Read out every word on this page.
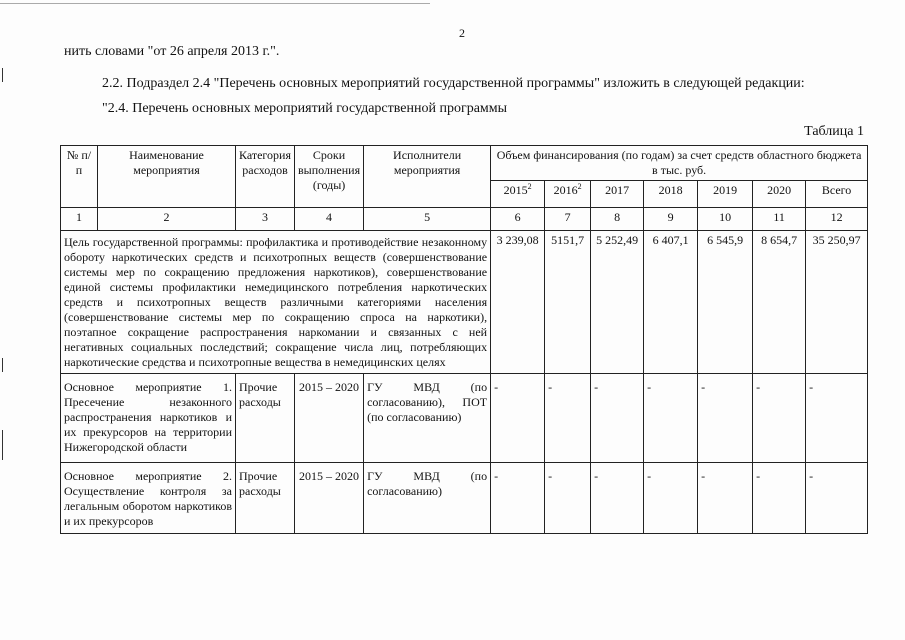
2
нить словами "от 26 апреля 2013 г.".
2.2. Подраздел 2.4 "Перечень основных мероприятий государственной программы" изложить в следующей редакции:
"2.4. Перечень основных мероприятий государственной программы
Таблица 1
№ п/п	Наименование мероприятия	Категория расходов	Сроки выполнения (годы)	Исполнители мероприятия	Объем финансирования (по годам) за счет средств областного бюджета в тыс. руб.						
					2015$^2$	2016$^2$	2017	2018	2019	2020	Всего
1	2	3	4	5	6	7	8	9	10	11	12
Цель государственной программы: профилактика и противодействие незаконному обороту наркотических средств и психотропных веществ (совершенствование системы мер по сокращению предложения наркотиков), совершенствование единой системы профилактики немедицинского потребления наркотических средств и психотропных веществ различными категориями населения (совершенствование системы мер по сокращению спроса на наркотики), поэтапное сокращение распространения наркомании и связанных с ней негативных социальных последствий; сокращение числа лиц, потребляющих наркотические средства и психотропные вещества в немедицинских целях					3 239,08	5151,7	5 252,49	6 407,1	6 545,9	8 654,7	35 250,97
Основное мероприятие 1. Пресечение незаконного распространения наркотиков и их прекурсоров на территории Нижегородской области		Прочие расходы	2015 – 2020	ГУ МВД (по согласованию), ПОТ (по согласованию)	-	-	-	-	-	-	-
Основное мероприятие 2. Осуществление контроля за легальным оборотом наркотиков и их прекурсоров		Прочие расходы	2015 – 2020	ГУ МВД (по согласованию)	-	-	-	-	-	-	-
